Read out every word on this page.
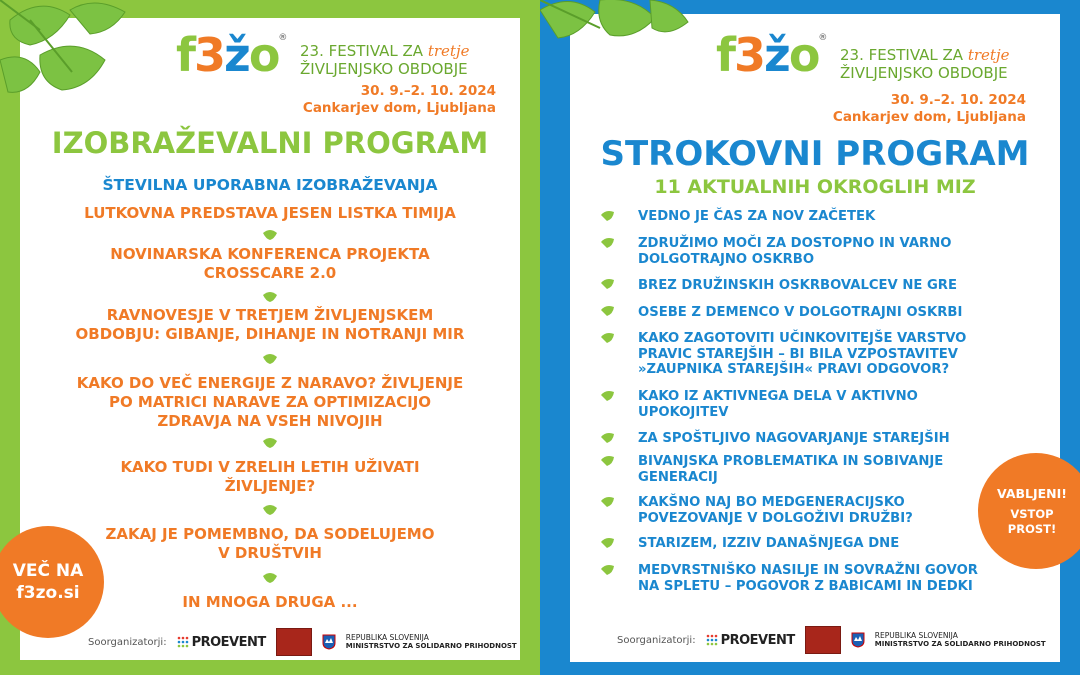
f3žo®
23. FESTIVAL ZA tretje
ŽIVLJENJSKO OBDOBJE
30. 9.–2. 10. 2024
Cankarjev dom, Ljubljana
IZOBRAŽEVALNI PROGRAM
ŠTEVILNA UPORABNA IZOBRAŽEVANJA
LUTKOVNA PREDSTAVA JESEN LISTKA TIMIJA
NOVINARSKA KONFERENCA PROJEKTA
CROSSCARE 2.0
RAVNOVESJE V TRETJEM ŽIVLJENJSKEM
OBDOBJU: GIBANJE, DIHANJE IN NOTRANJI MIR
KAKO DO VEČ ENERGIJE Z NARAVO? ŽIVLJENJE
PO MATRICI NARAVE ZA OPTIMIZACIJO
ZDRAVJA NA VSEH NIVOJIH
KAKO TUDI V ZRELIH LETIH UŽIVATI
ŽIVLJENJE?
ZAKAJ JE POMEMBNO, DA SODELUJEMO
V DRUŠTVIH
IN MNOGA DRUGA ...
VEČ NA
f3zo.si
Soorganizatorji: PROEVENT	REPUBLIKA SLOVENIJA
MINISTRSTVO ZA SOLIDARNO PRIHODNOST
f3žo®
23. FESTIVAL ZA tretje
ŽIVLJENJSKO OBDOBJE
30. 9.–2. 10. 2024
Cankarjev dom, Ljubljana
STROKOVNI PROGRAM
11 AKTUALNIH OKROGLIH MIZ
VEDNO JE ČAS ZA NOV ZAČETEK
ZDRUŽIMO MOČI ZA DOSTOPNO IN VARNO
DOLGOTRAJNO OSKRBO
BREZ DRUŽINSKIH OSKRBOVALCEV NE GRE
OSEBE Z DEMENCO V DOLGOTRAJNI OSKRBI
KAKO ZAGOTOVITI UČINKOVITEJŠE VARSTVO
PRAVIC STAREJŠIH – BI BILA VZPOSTAVITEV
»ZAUPNIKA STAREJŠIH« PRAVI ODGOVOR?
KAKO IZ AKTIVNEGA DELA V AKTIVNO
UPOKOJITEV
ZA SPOŠTLJIVO NAGOVARJANJE STAREJŠIH
BIVANJSKA PROBLEMATIKA IN SOBIVANJE
GENERACIJ
KAKŠNO NAJ BO MEDGENERACIJSKO
POVEZOVANJE V DOLGOŽIVI DRUŽBI?
STARIZEM, IZZIV DANAŠNJEGA DNE
MEDVRSTNIŠKO NASILJE IN SOVRAŽNI GOVOR
NA SPLETU – POGOVOR Z BABICAMI IN DEDKI
VABLJENI!
VSTOP
PROST!
Soorganizatorji: PROEVENT	REPUBLIKA SLOVENIJA
MINISTRSTVO ZA SOLIDARNO PRIHODNOST
